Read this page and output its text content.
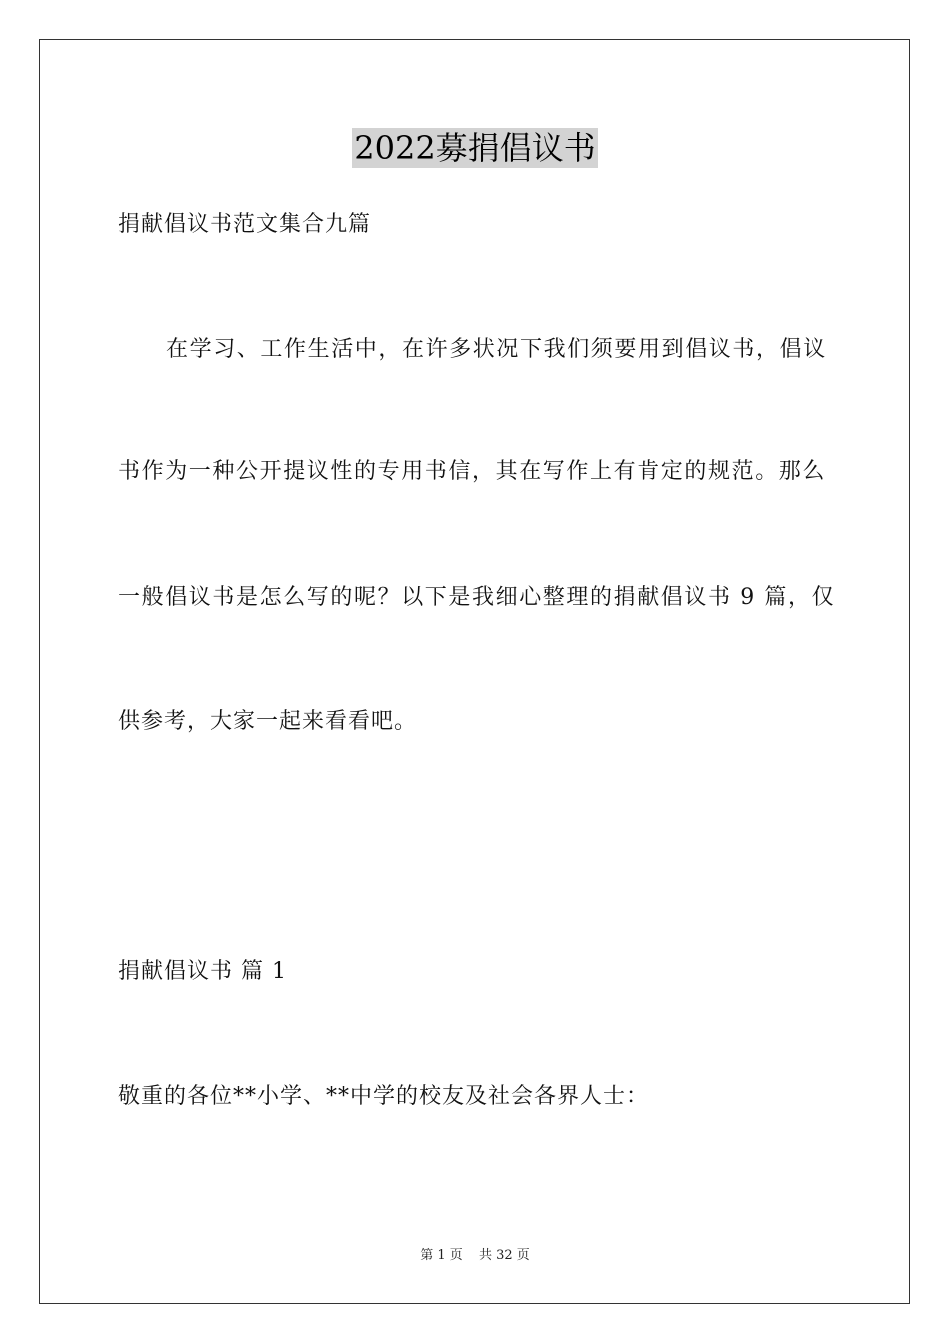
2022募捐倡议书
捐献倡议书范文集合九篇
在学习、工作生活中，在许多状况下我们须要用到倡议书，倡议
书作为一种公开提议性的专用书信，其在写作上有肯定的规范。那么
一般倡议书是怎么写的呢？以下是我细心整理的捐献倡议书 9 篇，仅
供参考，大家一起来看看吧。
捐献倡议书 篇 1
敬重的各位**小学、**中学的校友及社会各界人士：
第 1 页 共 32 页
